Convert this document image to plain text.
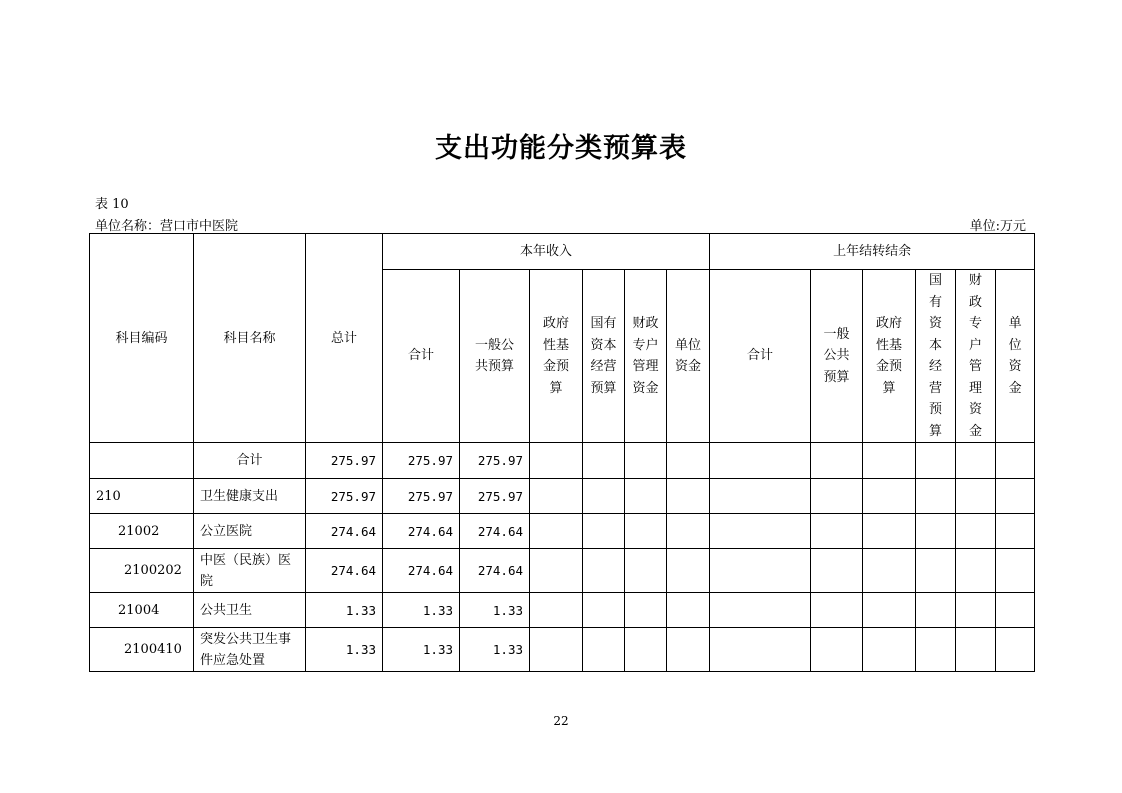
支出功能分类预算表
表 10
单位名称：营口市中医院	单位:万元
科目编码	科目名称	总计	本年收入						上年结转结余					
			合计	一般公共预算	政府性基金预算	国有资本经营预算	财政专户管理资金	单位资金	合计	一般公共预算	政府性基金预算	国有资本经营预算	财政专户管理资金	单位资金
	合计	275.97	275.97	275.97										
210	卫生健康支出	275.97	275.97	275.97										
21002	公立医院	274.64	274.64	274.64										
2100202	中医（民族）医院	274.64	274.64	274.64										
21004	公共卫生	1.33	1.33	1.33										
2100410	突发公共卫生事件应急处置	1.33	1.33	1.33										
22
